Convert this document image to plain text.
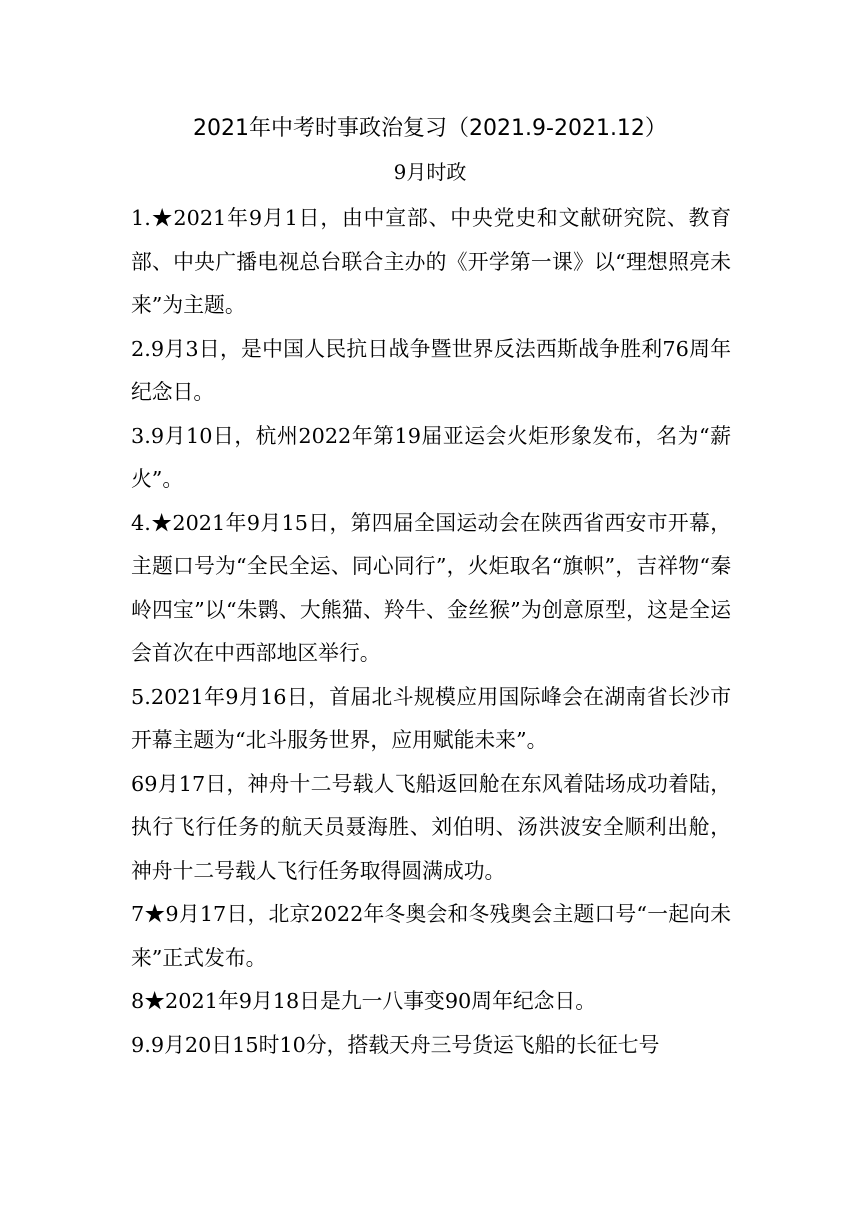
2021年中考时事政治复习（2021.9-2021.12）
9月时政

1.★2021年9月1日，由中宣部、中央党史和文献研究院、教育部、中央广播电视总台联合主办的《开学第一课》以“理想照亮未来”为主题。

2.9月3日，是中国人民抗日战争暨世界反法西斯战争胜利76周年纪念日。

3.9月10日，杭州2022年第19届亚运会火炬形象发布，名为“薪火”。

4.★2021年9月15日，第四届全国运动会在陕西省西安市开幕，主题口号为“全民全运、同心同行”，火炬取名“旗帜”，吉祥物“秦岭四宝”以“朱鹮、大熊猫、羚牛、金丝猴”为创意原型，这是全运会首次在中西部地区举行。

5.2021年9月16日，首届北斗规模应用国际峰会在湖南省长沙市开幕主题为“北斗服务世界，应用赋能未来”。

69月17日，神舟十二号载人飞船返回舱在东风着陆场成功着陆，执行飞行任务的航天员聂海胜、刘伯明、汤洪波安全顺利出舱，神舟十二号载人飞行任务取得圆满成功。

7★9月17日，北京2022年冬奥会和冬残奥会主题口号“一起向未来”正式发布。

8★2021年9月18日是九一八事变90周年纪念日。

9.9月20日15时10分，搭载天舟三号货运飞船的长征七号
